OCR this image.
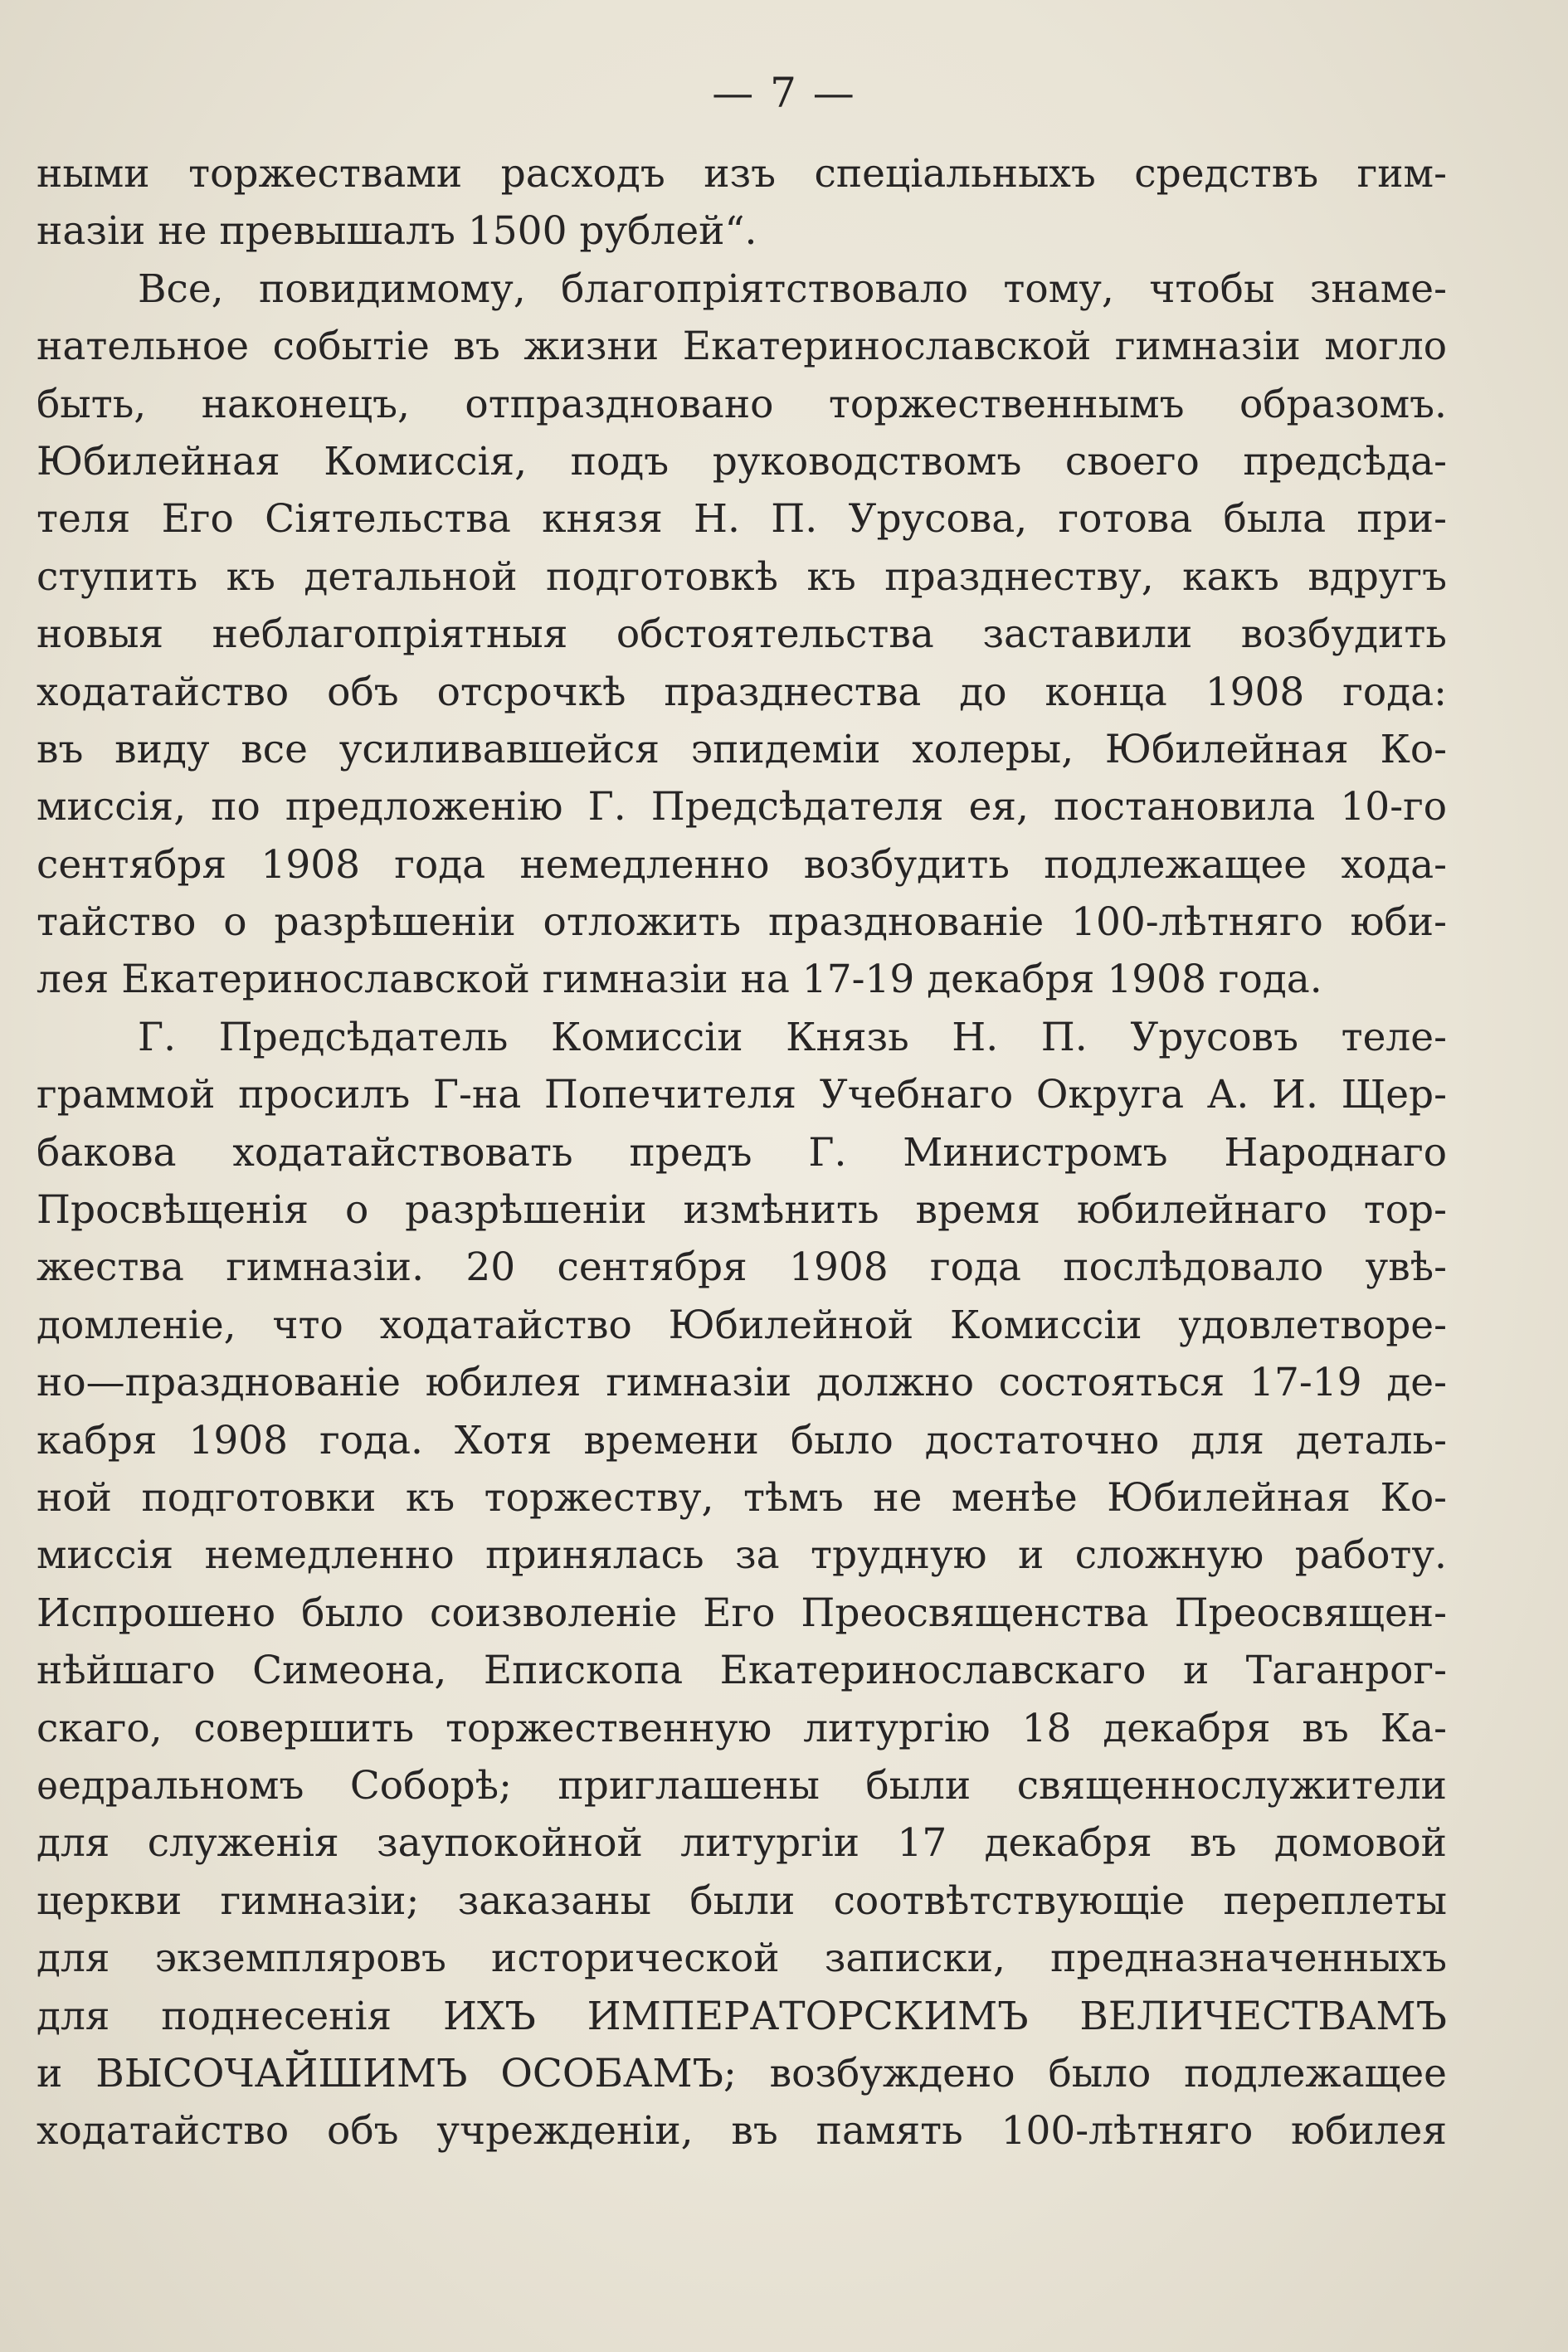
— 7 —
ными торжествами расходъ изъ спеціальныхъ средствъ гим-
назіи не превышалъ 1500 рублей“.
Все, повидимому, благопріятствовало тому, чтобы знаме-
нательное событіе въ жизни Екатеринославской гимназіи могло
быть, наконецъ, отпраздновано торжественнымъ образомъ.
Юбилейная Комиссія, подъ руководствомъ своего предсѣда-
теля Его Сіятельства князя Н. П. Урусова, готова была при-
ступить къ детальной подготовкѣ къ празднеству, какъ вдругъ
новыя неблагопріятныя обстоятельства заставили возбудить
ходатайство объ отсрочкѣ празднества до конца 1908 года:
въ виду все усиливавшейся эпидеміи холеры, Юбилейная Ко-
миссія, по предложенію Г. Предсѣдателя ея, постановила 10-го
сентября 1908 года немедленно возбудить подлежащее хода-
тайство о разрѣшеніи отложить празднованіе 100-лѣтняго юби-
лея Екатеринославской гимназіи на 17-19 декабря 1908 года.
Г. Предсѣдатель Комиссіи Князь Н. П. Урусовъ теле-
граммой просилъ Г-на Попечителя Учебнаго Округа А. И. Щер-
бакова ходатайствовать предъ Г. Министромъ Народнаго
Просвѣщенія о разрѣшеніи измѣнить время юбилейнаго тор-
жества гимназіи. 20 сентября 1908 года послѣдовало увѣ-
домленіе, что ходатайство Юбилейной Комиссіи удовлетворе-
но—празднованіе юбилея гимназіи должно состояться 17-19 де-
кабря 1908 года. Хотя времени было достаточно для деталь-
ной подготовки къ торжеству, тѣмъ не менѣе Юбилейная Ко-
миссія немедленно принялась за трудную и сложную работу.
Испрошено было соизволеніе Его Преосвященства Преосвящен-
нѣйшаго Симеона, Епископа Екатеринославскаго и Таганрог-
скаго, совершить торжественную литургію 18 декабря въ Ка-
ѳедральномъ Соборѣ; приглашены были священнослужители
для служенія заупокойной литургіи 17 декабря въ домовой
церкви гимназіи; заказаны были соотвѣтствующіе переплеты
для экземпляровъ исторической записки, предназначенныхъ
для поднесенія ИХЪ ИМПЕРАТОРСКИМЪ ВЕЛИЧЕСТВАМЪ
и ВЫСОЧАЙШИМЪ ОСОБАМЪ; возбуждено было подлежащее
ходатайство объ учрежденіи, въ память 100-лѣтняго юбилея
